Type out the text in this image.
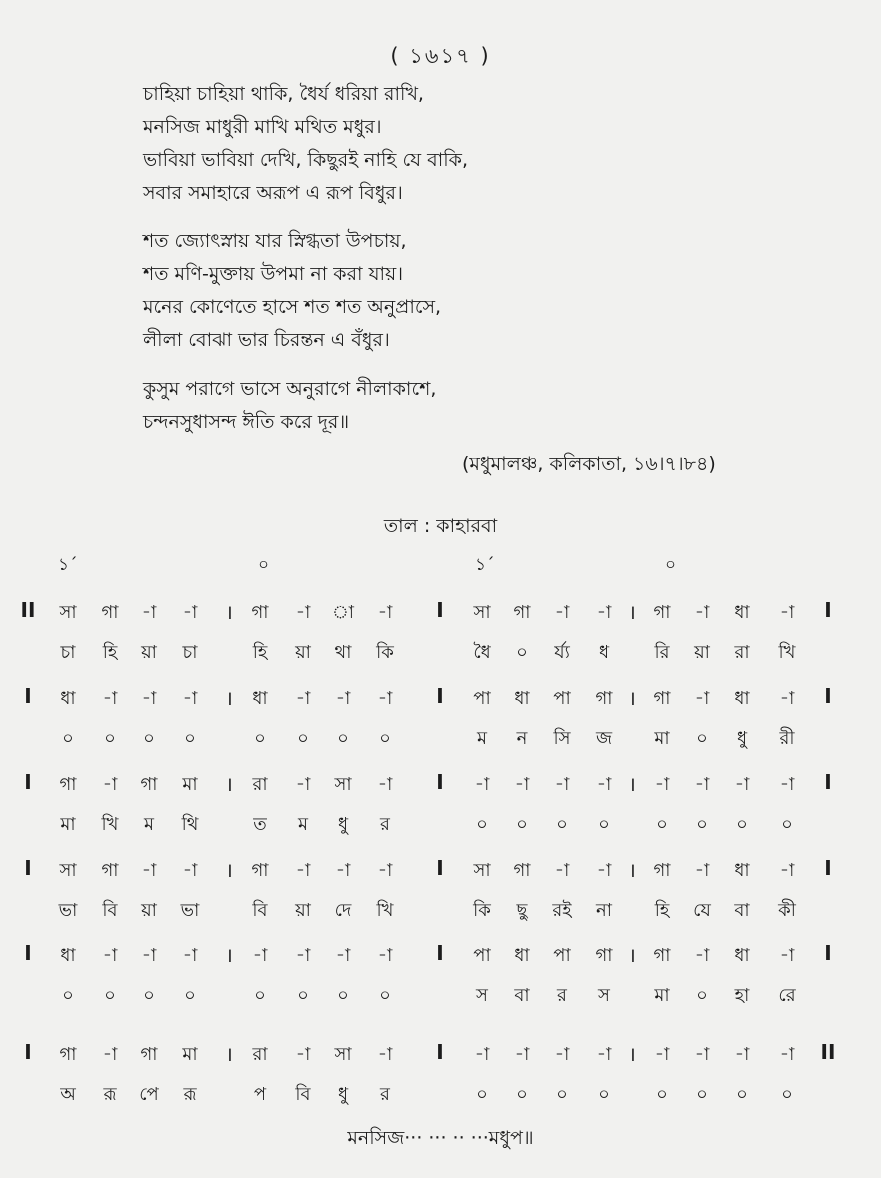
( ১৬১৭ )
চাহিয়া চাহিয়া থাকি, ধৈর্য ধরিয়া রাখি,
মনসিজ মাধুরী মাখি মথিত মধুর।
ভাবিয়া ভাবিয়া দেখি, কিছুরই নাহি যে বাকি,
সবার সমাহারে অরূপ এ রূপ বিধুর।
শত জ্যোৎস্নায় যার স্নিগ্ধতা উপচায়,
শত মণি-মুক্তায় উপমা না করা যায়।
মনের কোণেতে হাসে শত শত অনুপ্রাসে,
লীলা বোঝা ভার চিরন্তন এ বঁধুর।
কুসুম পরাগে ভাসে অনুরাগে নীলাকাশে,
চন্দনসুধাসন্দ ঈতি করে দূর॥
(মধুমালঞ্চ, কলিকাতা, ১৬।৭।৮৪)
তাল : কাহারবা
১´	০	১´	০
II	।	I	।	I
সা	গা	-া	-া	গা	-া	া	-া	সা	গা	-া	-া	গা	-া	ধা	-া
চা	হি	য়া	চা	হি	য়া	থা	কি	ধৈ	০	র্য্য	ধ	রি	য়া	রা	খি
I	।	I	।	I
ধা	-া	-া	-া	ধা	-া	-া	-া	পা	ধা	পা	গা	গা	-া	ধা	-া
০	০	০	০	০	০	০	০	ম	ন	সি	জ	মা	০	ধু	রী
I	।	I	।	I
গা	-া	গা	মা	রা	-া	সা	-া	-া	-া	-া	-া	-া	-া	-া	-া
মা	খি	ম	থি	ত	ম	ধু	র	০	০	০	০	০	০	০	০
I	।	I	।	I
সা	গা	-া	-া	গা	-া	-া	-া	সা	গা	-া	-া	গা	-া	ধা	-া
ভা	বি	য়া	ভা	বি	য়া	দে	খি	কি	ছু	রই	না	হি	যে	বা	কী
I	।	I	।	I
ধা	-া	-া	-া	-া	-া	-া	-া	পা	ধা	পা	গা	গা	-া	ধা	-া
০	০	০	০	০	০	০	০	স	বা	র	স	মা	০	হা	রে
I	।	I	।	II
গা	-া	গা	মা	রা	-া	সা	-া	-া	-া	-া	-া	-া	-া	-া	-া
অ	রূ	পে	রূ	প	বি	ধু	র	০	০	০	০	০	০	০	০
মনসিজ··· ··· ·· ···মধুপ॥
